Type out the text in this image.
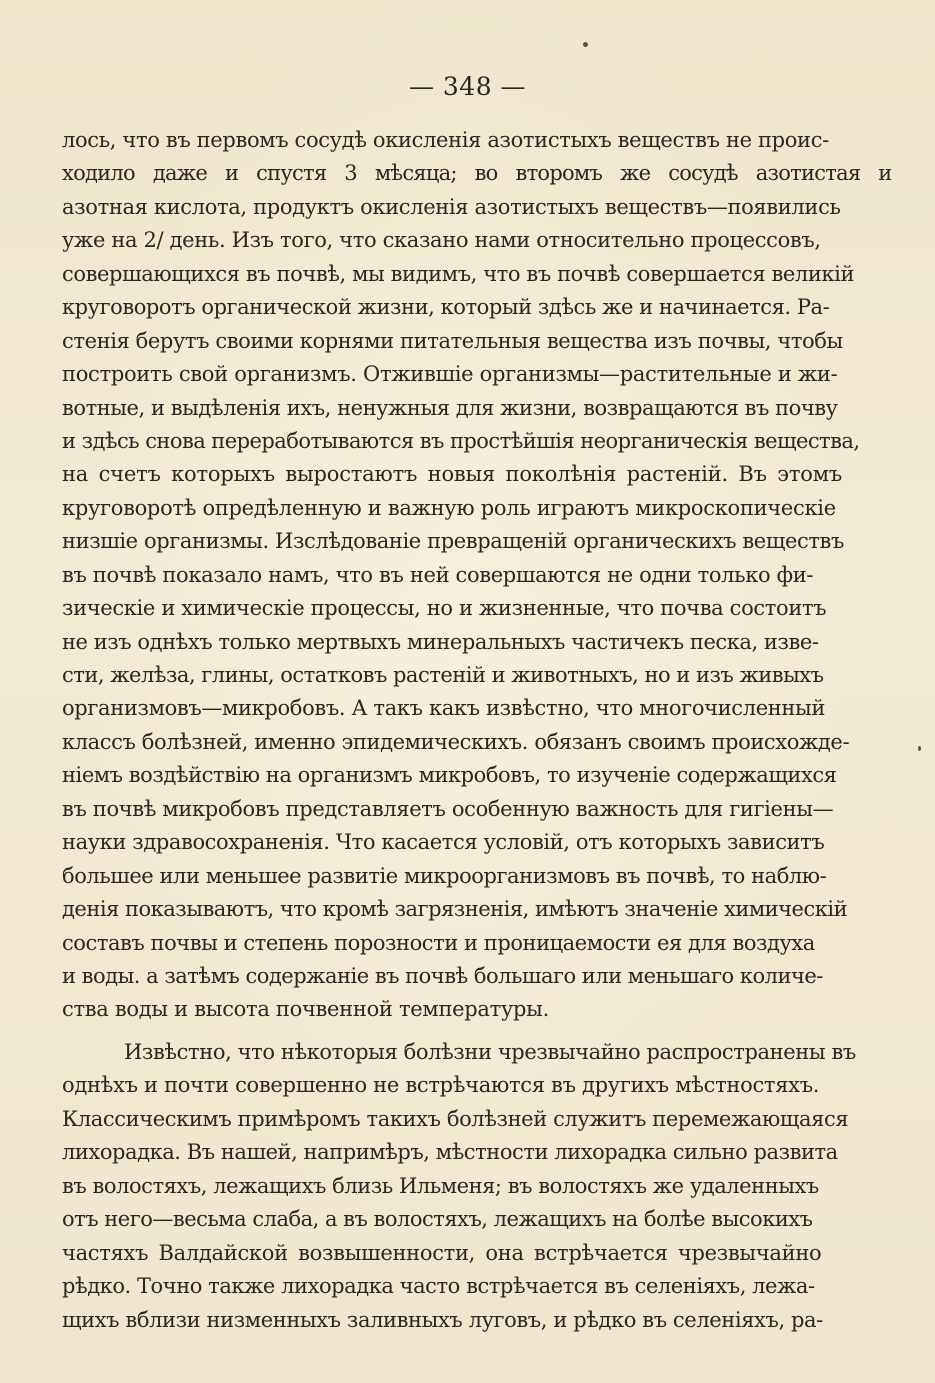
— 348 —
лось, что въ первомъ сосудѣ окисленія азотистыхъ веществъ не проис-
ходило даже и спустя 3 мѣсяца; во второмъ же сосудѣ азотистая и
азотная кислота, продуктъ окисленія азотистыхъ веществъ—появились
уже на 2/ день. Изъ того, что сказано нами относительно процессовъ,
совершающихся въ почвѣ, мы видимъ, что въ почвѣ совершается великій
круговоротъ органической жизни, который здѣсь же и начинается. Ра-
стенія берутъ своими корнями питательныя вещества изъ почвы, чтобы
построить свой организмъ. Отжившіе организмы—растительные и жи-
вотные, и выдѣленія ихъ, ненужныя для жизни, возвращаются въ почву
и здѣсь снова переработываются въ простѣйшія неорганическія вещества,
на счетъ которыхъ выростаютъ новыя поколѣнія растеній. Въ этомъ
круговоротѣ опредѣленную и важную роль играютъ микроскопическіе
низшіе организмы. Изслѣдованіе превращеній органическихъ веществъ
въ почвѣ показало намъ, что въ ней совершаются не одни только фи-
зическіе и химическіе процессы, но и жизненные, что почва состоитъ
не изъ однѣхъ только мертвыхъ минеральныхъ частичекъ песка, изве-
сти, желѣза, глины, остатковъ растеній и животныхъ, но и изъ живыхъ
организмовъ—микробовъ. А такъ какъ извѣстно, что многочисленный
классъ болѣзней, именно эпидемическихъ. обязанъ своимъ происхожде-
ніемъ воздѣйствію на организмъ микробовъ, то изученіе содержащихся
въ почвѣ микробовъ представляетъ особенную важность для гигіены—
науки здравосохраненія. Что касается условій, отъ которыхъ зависитъ
большее или меньшее развитіе микроорганизмовъ въ почвѣ, то наблю-
денія показываютъ, что кромѣ загрязненія, имѣютъ значеніе химическій
составъ почвы и степень порозности и проницаемости ея для воздуха
и воды. а затѣмъ содержаніе въ почвѣ большаго или меньшаго количе-
ства воды и высота почвенной температуры.
Извѣстно, что нѣкоторыя болѣзни чрезвычайно распространены въ
однѣхъ и почти совершенно не встрѣчаются въ другихъ мѣстностяхъ.
Классическимъ примѣромъ такихъ болѣзней служитъ перемежающаяся
лихорадка. Въ нашей, напримѣръ, мѣстности лихорадка сильно развита
въ волостяхъ, лежащихъ близь Ильменя; въ волостяхъ же удаленныхъ
отъ него—весьма слаба, а въ волостяхъ, лежащихъ на болѣе высокихъ
частяхъ Валдайской возвышенности, она встрѣчается чрезвычайно
рѣдко. Точно также лихорадка часто встрѣчается въ селеніяхъ, лежа-
щихъ вблизи низменныхъ заливныхъ луговъ, и рѣдко въ селеніяхъ, ра-
